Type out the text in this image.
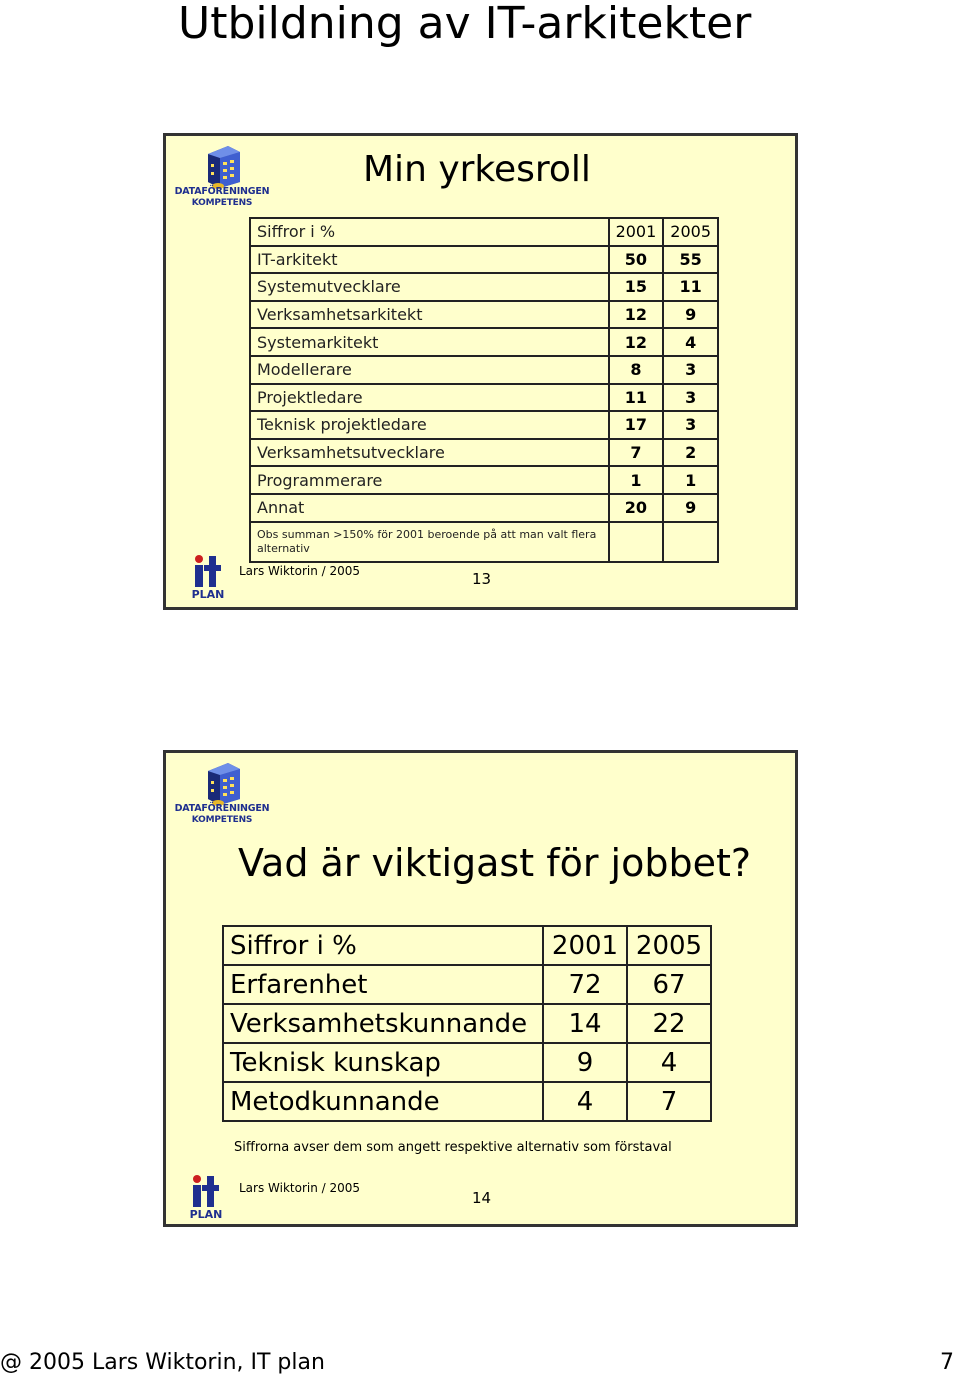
Utbildning av IT-arkitekter
DATAFÖRENINGEN
KOMPETENS
Min yrkesroll
Siffror i %	2001	2005
IT-arkitekt	50	55
Systemutvecklare	15	11
Verksamhetsarkitekt	12	9
Systemarkitekt	12	4
Modellerare	8	3
Projektledare	11	3
Teknisk projektledare	17	3
Verksamhetsutvecklare	7	2
Programmerare	1	1
Annat	20	9
Obs summan >150% för 2001 beroende på att man valt flera alternativ		
PLAN
Lars Wiktorin / 2005	13
DATAFÖRENINGEN
KOMPETENS
Vad är viktigast för jobbet?
Siffror i %	2001	2005
Erfarenhet	72	67
Verksamhetskunnande	14	22
Teknisk kunskap	9	4
Metodkunnande	4	7
Siffrorna avser dem som angett respektive alternativ som förstaval
PLAN
Lars Wiktorin / 2005
14
@ 2005 Lars Wiktorin, IT plan	7
